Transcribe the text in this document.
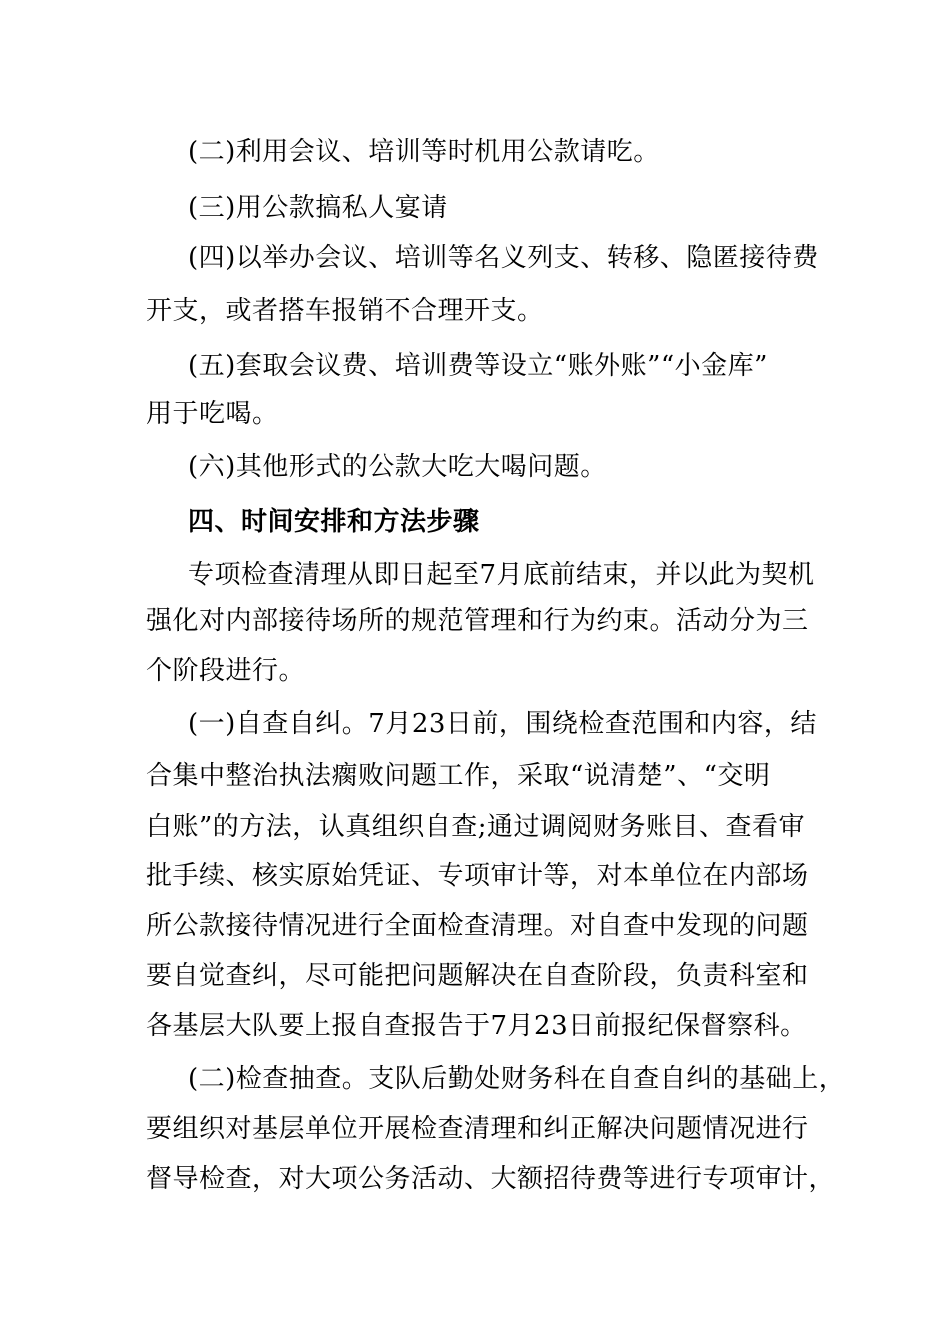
(二)利用会议、培训等时机用公款请吃。
(三)用公款搞私人宴请
(四)以举办会议、培训等名义列支、转移、隐匿接待费
开支，或者搭车报销不合理开支。
(五)套取会议费、培训费等设立“账外账”“小金库”
用于吃喝。
(六)其他形式的公款大吃大喝问题。
四、时间安排和方法步骤
专项检查清理从即日起至7月底前结束，并以此为契机
强化对内部接待场所的规范管理和行为约束。活动分为三
个阶段进行。
(一)自查自纠。7月23日前，围绕检查范围和内容，结
合集中整治执法瘸败问题工作，采取“说清楚”、“交明
白账”的方法，认真组织自查;通过调阅财务账目、查看审
批手续、核实原始凭证、专项审计等，对本单位在内部场
所公款接待情况进行全面检查清理。对自查中发现的问题
要自觉查纠，尽可能把问题解决在自查阶段，负责科室和
各基层大队要上报自查报告于7月23日前报纪保督察科。
(二)检查抽查。支队后勤处财务科在自查自纠的基础上，
要组织对基层单位开展检查清理和纠正解决问题情况进行
督导检查，对大项公务活动、大额招待费等进行专项审计，
